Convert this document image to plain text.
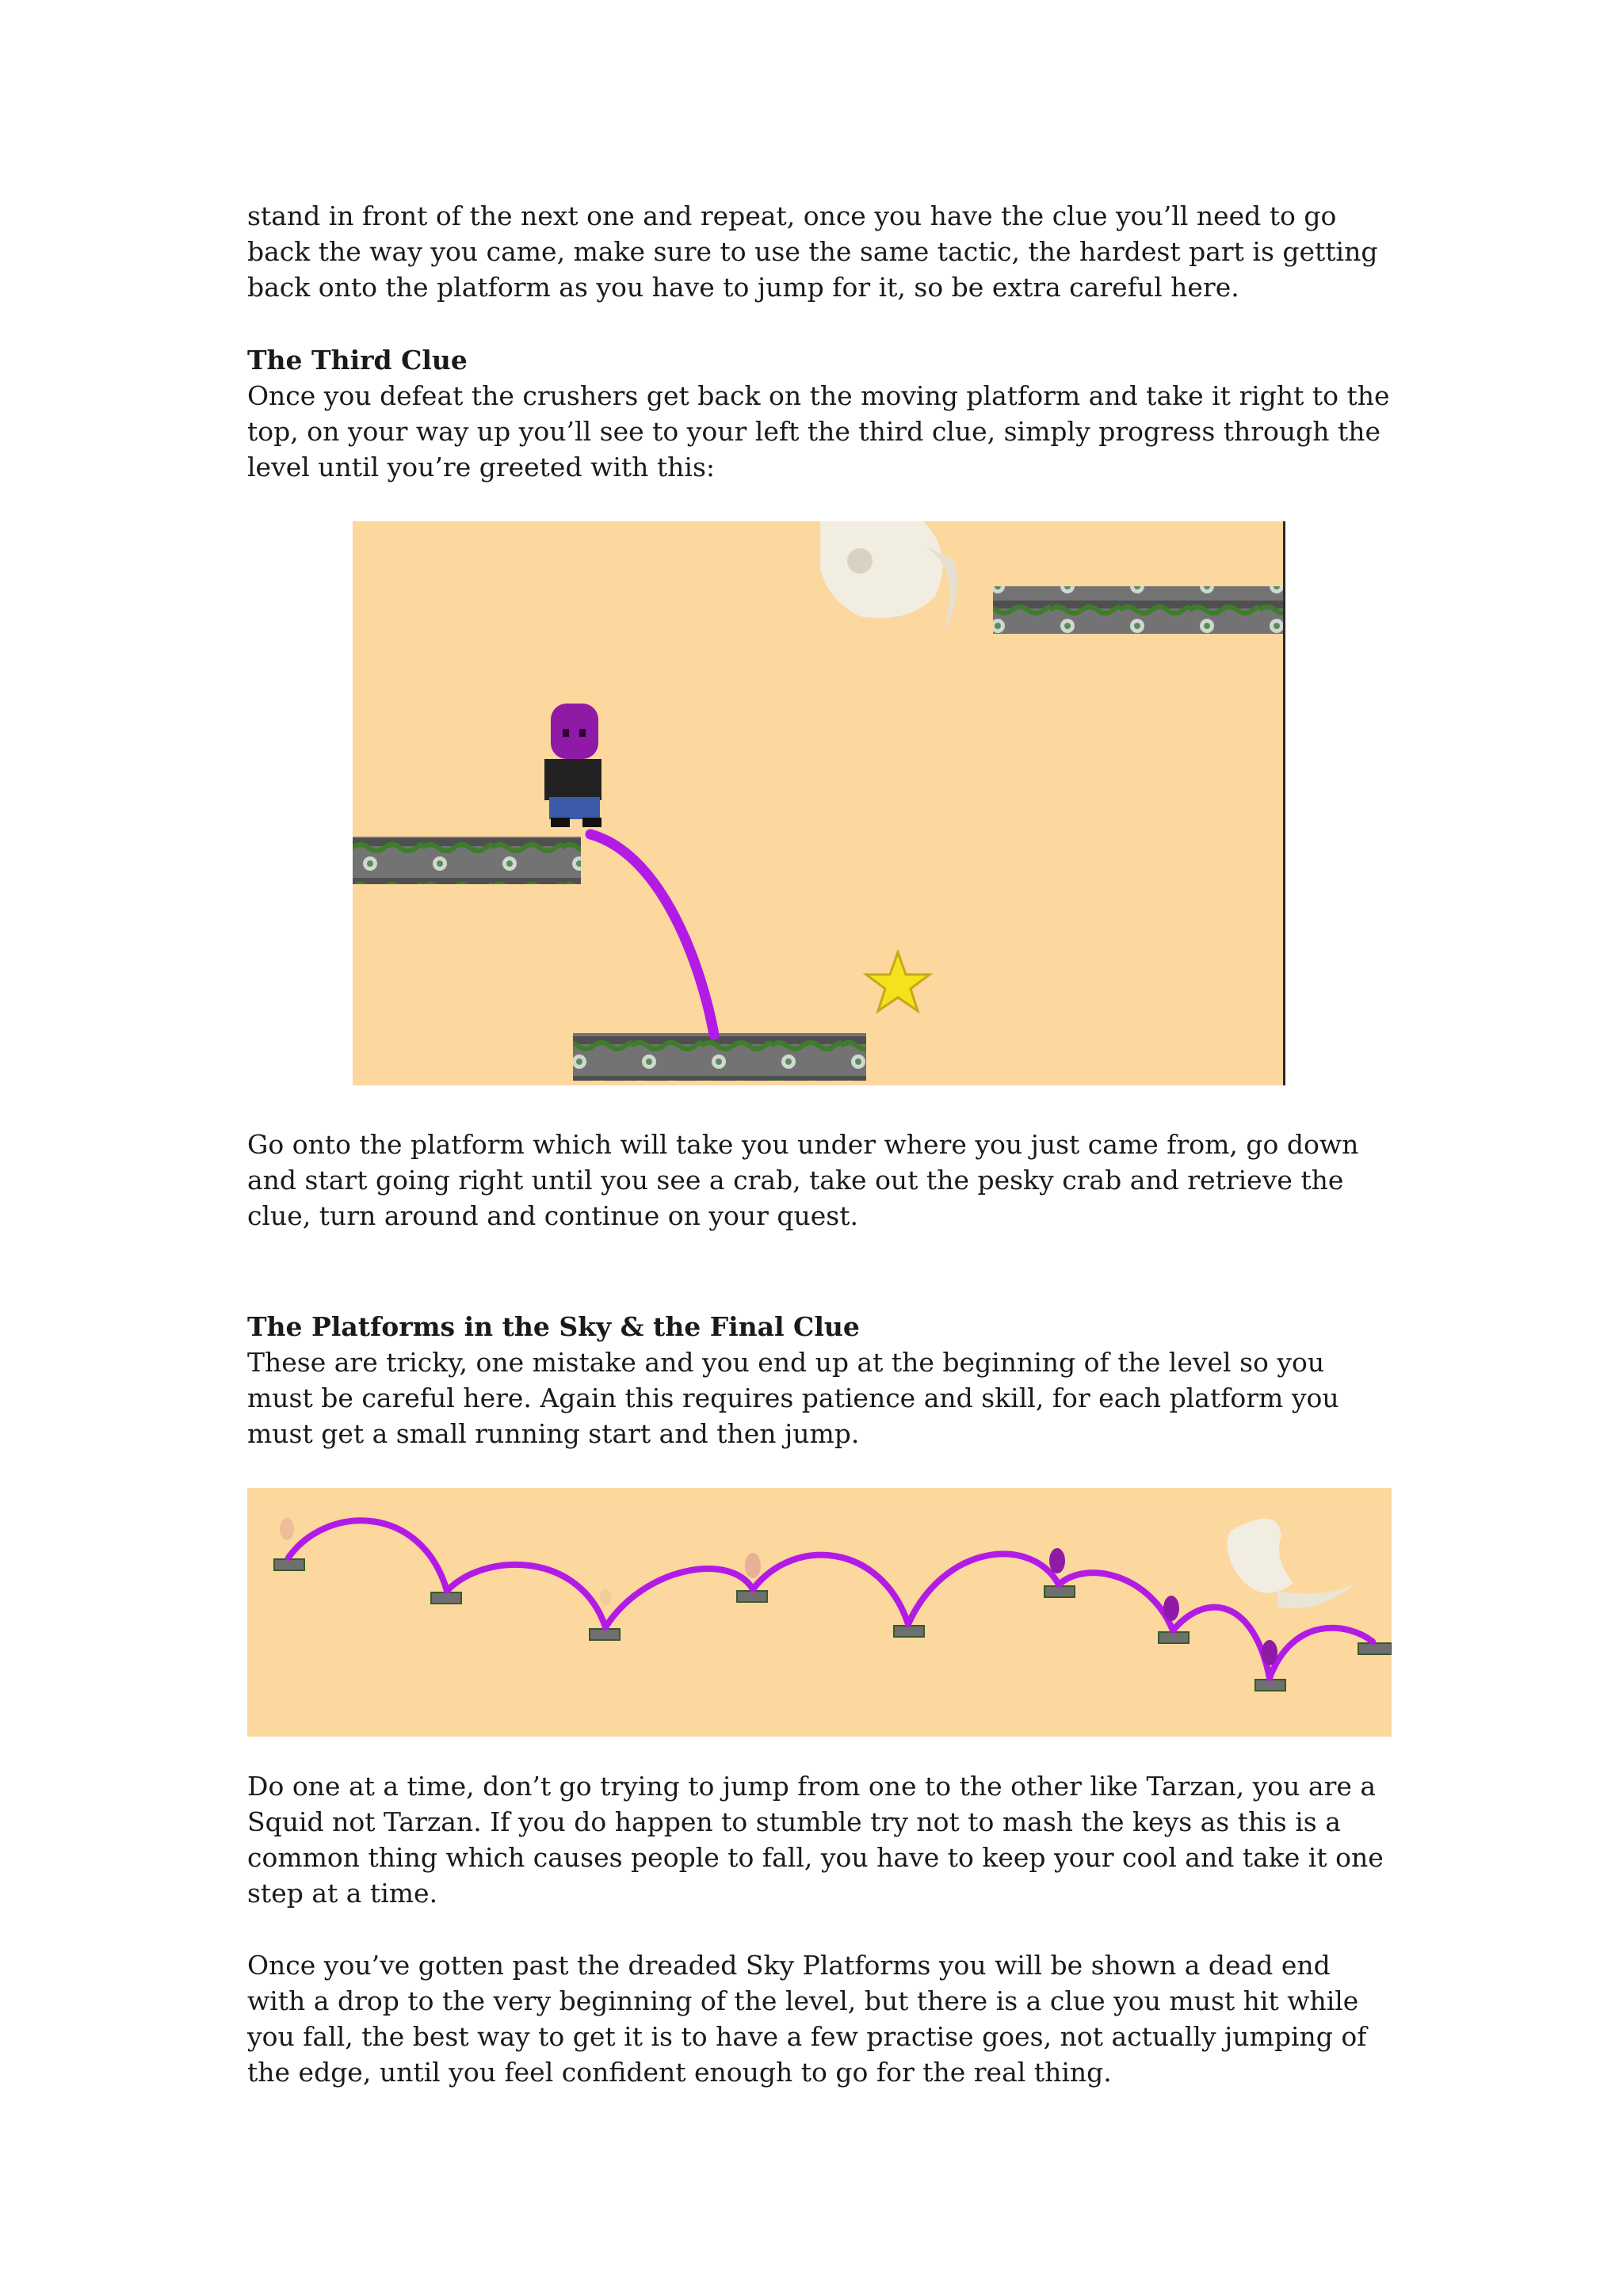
stand in front of the next one and repeat, once you have the clue you’ll need to go back the way you came, make sure to use the same tactic, the hardest part is getting back onto the platform as you have to jump for it, so be extra careful here.

The Third Clue

Once you defeat the crushers get back on the moving platform and take it right to the top, on your way up you’ll see to your left the third clue, simply progress through the level until you’re greeted with this:

Go onto the platform which will take you under where you just came from, go down and start going right until you see a crab, take out the pesky crab and retrieve the clue, turn around and continue on your quest.

The Platforms in the Sky & the Final Clue

These are tricky, one mistake and you end up at the beginning of the level so you must be careful here. Again this requires patience and skill, for each platform you must get a small running start and then jump.

Do one at a time, don’t go trying to jump from one to the other like Tarzan, you are a Squid not Tarzan. If you do happen to stumble try not to mash the keys as this is a common thing which causes people to fall, you have to keep your cool and take it one step at a time.

Once you’ve gotten past the dreaded Sky Platforms you will be shown a dead end with a drop to the very beginning of the level, but there is a clue you must hit while you fall, the best way to get it is to have a few practise goes, not actually jumping of the edge, until you feel confident enough to go for the real thing.
